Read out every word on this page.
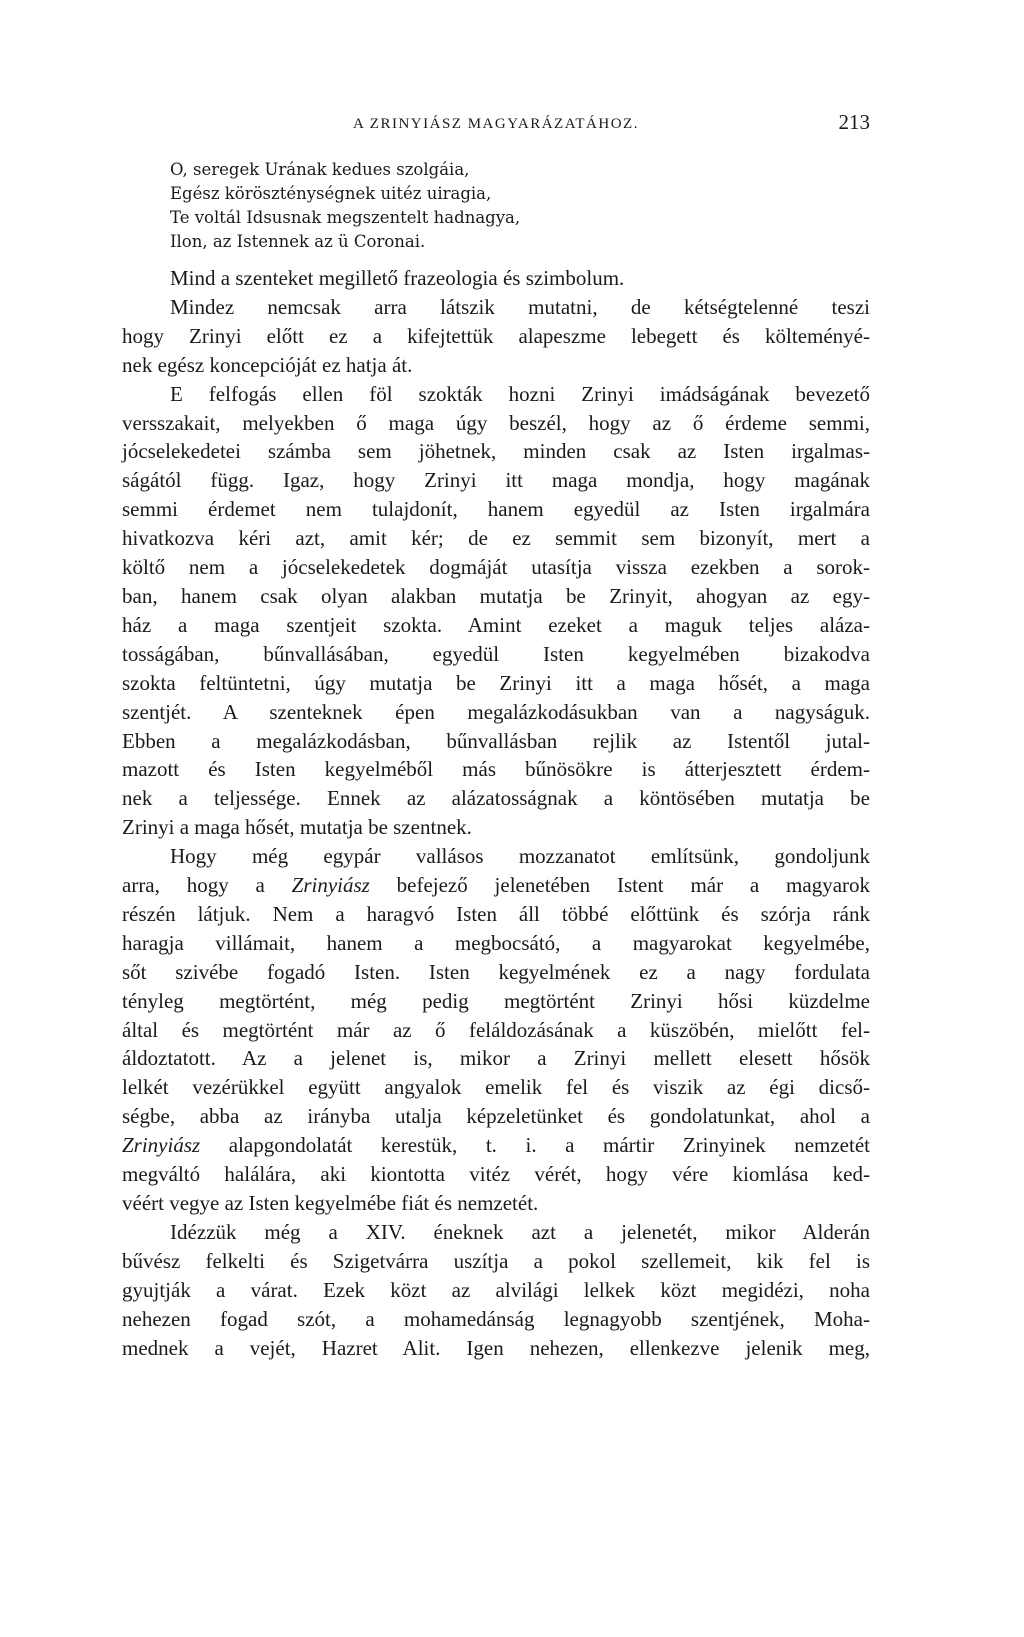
A ZRINYIÁSZ MAGYARÁZATÁHOZ.	213
O, seregek Urának kedues szolgáia,
Egész köröszténységnek uitéz uiragia,
Te voltál Idsusnak megszentelt hadnagya,
Ilon, az Istennek az ü Coronai.
Mind a szenteket megillető frazeologia és szimbolum.
Mindez nemcsak arra látszik mutatni, de kétségtelenné teszi
hogy Zrinyi előtt ez a kifejtettük alapeszme lebegett és költeményé-
nek egész koncepcióját ez hatja át.
E felfogás ellen föl szokták hozni Zrinyi imádságának bevezető
versszakait, melyekben ő maga úgy beszél, hogy az ő érdeme semmi,
jócselekedetei számba sem jöhetnek, minden csak az Isten irgalmas-
ságától függ. Igaz, hogy Zrinyi itt maga mondja, hogy magának
semmi érdemet nem tulajdonít, hanem egyedül az Isten irgalmára
hivatkozva kéri azt, amit kér; de ez semmit sem bizonyít, mert a
költő nem a jócselekedetek dogmáját utasítja vissza ezekben a sorok-
ban, hanem csak olyan alakban mutatja be Zrinyit, ahogyan az egy-
ház a maga szentjeit szokta. Amint ezeket a maguk teljes aláza-
tosságában, bűnvallásában, egyedül Isten kegyelmében bizakodva
szokta feltüntetni, úgy mutatja be Zrinyi itt a maga hősét, a maga
szentjét. A szenteknek épen megalázkodásukban van a nagyságuk.
Ebben a megalázkodásban, bűnvallásban rejlik az Istentől jutal-
mazott és Isten kegyelméből más bűnösökre is átterjesztett érdem-
nek a teljessége. Ennek az alázatosságnak a köntösében mutatja be
Zrinyi a maga hősét, mutatja be szentnek.
Hogy még egypár vallásos mozzanatot említsünk, gondoljunk
arra, hogy a Zrinyiász befejező jelenetében Istent már a magyarok
részén látjuk. Nem a haragvó Isten áll többé előttünk és szórja ránk
haragja villámait, hanem a megbocsátó, a magyarokat kegyelmébe,
sőt szivébe fogadó Isten. Isten kegyelmének ez a nagy fordulata
tényleg megtörtént, még pedig megtörtént Zrinyi hősi küzdelme
által és megtörtént már az ő feláldozásának a küszöbén, mielőtt fel-
áldoztatott. Az a jelenet is, mikor a Zrinyi mellett elesett hősök
lelkét vezérükkel együtt angyalok emelik fel és viszik az égi dicső-
ségbe, abba az irányba utalja képzeletünket és gondolatunkat, ahol a
Zrinyiász alapgondolatát kerestük, t. i. a mártir Zrinyinek nemzetét
megváltó halálára, aki kiontotta vitéz vérét, hogy vére kiomlása ked-
véért vegye az Isten kegyelmébe fiát és nemzetét.
Idézzük még a XIV. éneknek azt a jelenetét, mikor Alderán
bűvész felkelti és Szigetvárra uszítja a pokol szellemeit, kik fel is
gyujtják a várat. Ezek közt az alvilági lelkek közt megidézi, noha
nehezen fogad szót, a mohamedánság legnagyobb szentjének, Moha-
mednek a vejét, Hazret Alit. Igen nehezen, ellenkezve jelenik meg,
